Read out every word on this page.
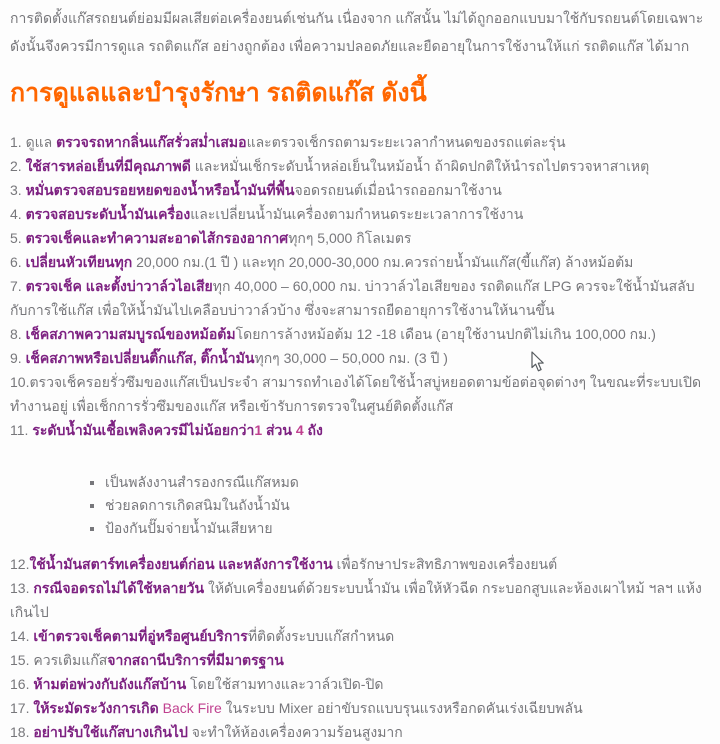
การติดตั้งแก๊สรถยนต์ย่อมมีผลเสียต่อเครื่องยนต์เช่นกัน เนื่องจาก แก๊สนั้น ไม่ได้ถูกออกแบบมาใช้กับรถยนต์โดยเฉพาะ ดังนั้นจึงควรมีการดูแล รถติดแก๊ส อย่างถูกต้อง เพื่อความปลอดภัยและยืดอายุในการใช้งานให้แก่ รถติดแก๊ส ได้มาก

การดูแลและบำรุงรักษา รถติดแก๊ส ดังนี้

1. ดูแล ตรวจรถหากลิ่นแก๊สรั่วสม่ำเสมอและตรวจเช็กรถตามระยะเวลากำหนดของรถแต่ละรุ่น

2. ใช้สารหล่อเย็นที่มีคุณภาพดี และหมั่นเช็กระดับน้ำหล่อเย็นในหม้อน้ำ ถ้าผิดปกติให้นำรถไปตรวจหาสาเหตุ

3. หมั่นตรวจสอบรอยหยดของน้ำหรือน้ำมันที่พื้นจอดรถยนต์เมื่อนำรถออกมาใช้งาน

4. ตรวจสอบระดับน้ำมันเครื่องและเปลี่ยนน้ำมันเครื่องตามกำหนดระยะเวลาการใช้งาน

5. ตรวจเช็คและทำความสะอาดไส้กรองอากาศทุกๆ 5,000 กิโลเมตร

6. เปลี่ยนหัวเทียนทุก 20,000 กม.(1 ปี ) และทุก 20,000-30,000 กม.ควรถ่ายน้ำมันแก๊ส(ขี้แก๊ส) ล้างหม้อต้ม

7. ตรวจเช็ค และตั้งบ่าวาล์วไอเสียทุก 40,000 – 60,000 กม. บ่าวาล์วไอเสียของ รถติดแก๊ส LPG ควรจะใช้น้ำมันสลับกับการใช้แก๊ส เพื่อให้น้ำมันไปเคลือบบ่าวาล์วบ้าง ซึ่งจะสามารถยืดอายุการใช้งานให้นานขึ้น

8. เช็คสภาพความสมบูรณ์ของหม้อต้มโดยการล้างหม้อต้ม 12 -18 เดือน (อายุใช้งานปกติไม่เกิน 100,000 กม.)

9. เช็คสภาพหรือเปลี่ยนติ๊กแก๊ส, ติ๊กน้ำมันทุกๆ 30,000 – 50,000 กม. (3 ปี )

10.ตรวจเช็ครอยรั่วซึมของแก๊สเป็นประจำ สามารถทำเองได้โดยใช้น้ำสบู่หยอดตามข้อต่อจุดต่างๆ ในขณะที่ระบบเปิดทำงานอยู่ เพื่อเช็กการรั่วซึมของแก๊ส หรือเข้ารับการตรวจในศูนย์ติดตั้งแก๊ส

11. ระดับน้ำมันเชื้อเพลิงควรมีไม่น้อยกว่า1 ส่วน 4 ถัง

▪ เป็นพลังงานสำรองกรณีแก๊สหมด
▪ ช่วยลดการเกิดสนิมในถังน้ำมัน
▪ ป้องกันปั๊มจ่ายน้ำมันเสียหาย

12.ใช้น้ำมันสตาร์ทเครื่องยนต์ก่อน และหลังการใช้งาน เพื่อรักษาประสิทธิภาพของเครื่องยนต์

13. กรณีจอดรถไม่ได้ใช้หลายวัน ให้ดับเครื่องยนต์ด้วยระบบน้ำมัน เพื่อให้หัวฉีด กระบอกสูบและห้องเผาไหม้ ฯลฯ แห้งเกินไป

14. เข้าตรวจเช็คตามที่อู่หรือศูนย์บริการที่ติดตั้งระบบแก๊สกำหนด

15. ควรเติมแก๊สจากสถานีบริการที่มีมาตรฐาน

16. ห้ามต่อพ่วงกับถังแก๊สบ้าน โดยใช้สามทางและวาล์วเปิด-ปิด

17. ให้ระมัดระวังการเกิด Back Fire ในระบบ Mixer อย่าขับรถแบบรุนแรงหรือกดคันเร่งเฉียบพลัน

18. อย่าปรับใช้แก๊สบางเกินไป จะทำให้ห้องเครื่องความร้อนสูงมาก
